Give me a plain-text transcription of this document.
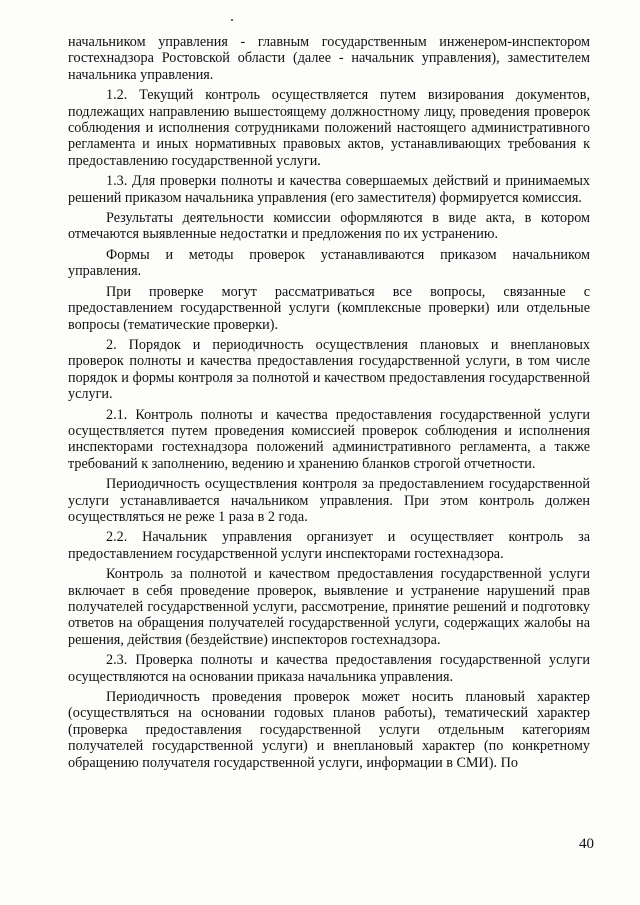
начальником управления - главным государственным инженером-инспектором гостехнадзора Ростовской области (далее - начальник управления), заместителем начальника управления.

1.2. Текущий контроль осуществляется путем визирования документов, подлежащих направлению вышестоящему должностному лицу, проведения проверок соблюдения и исполнения сотрудниками положений настоящего административного регламента и иных нормативных правовых актов, устанавливающих требования к предоставлению государственной услуги.

1.3. Для проверки полноты и качества совершаемых действий и принимаемых решений приказом начальника управления (его заместителя) формируется комиссия.

Результаты деятельности комиссии оформляются в виде акта, в котором отмечаются выявленные недостатки и предложения по их устранению.

Формы и методы проверок устанавливаются приказом начальником управления.

При проверке могут рассматриваться все вопросы, связанные с предоставлением государственной услуги (комплексные проверки) или отдельные вопросы (тематические проверки).

2. Порядок и периодичность осуществления плановых и внеплановых проверок полноты и качества предоставления государственной услуги, в том числе порядок и формы контроля за полнотой и качеством предоставления государственной услуги.

2.1. Контроль полноты и качества предоставления государственной услуги осуществляется путем проведения комиссией проверок соблюдения и исполнения инспекторами гостехнадзора положений административного регламента, а также требований к заполнению, ведению и хранению бланков строгой отчетности.

Периодичность осуществления контроля за предоставлением государственной услуги устанавливается начальником управления. При этом контроль должен осуществляться не реже 1 раза в 2 года.

2.2. Начальник управления организует и осуществляет контроль за предоставлением государственной услуги инспекторами гостехнадзора.

Контроль за полнотой и качеством предоставления государственной услуги включает в себя проведение проверок, выявление и устранение нарушений прав получателей государственной услуги, рассмотрение, принятие решений и подготовку ответов на обращения получателей государственной услуги, содержащих жалобы на решения, действия (бездействие) инспекторов гостехнадзора.

2.3. Проверка полноты и качества предоставления государственной услуги осуществляются на основании приказа начальника управления.

Периодичность проведения проверок может носить плановый характер (осуществляться на основании годовых планов работы), тематический характер (проверка предоставления государственной услуги отдельным категориям получателей государственной услуги) и внеплановый характер (по конкретному обращению получателя государственной услуги, информации в СМИ). По

40
